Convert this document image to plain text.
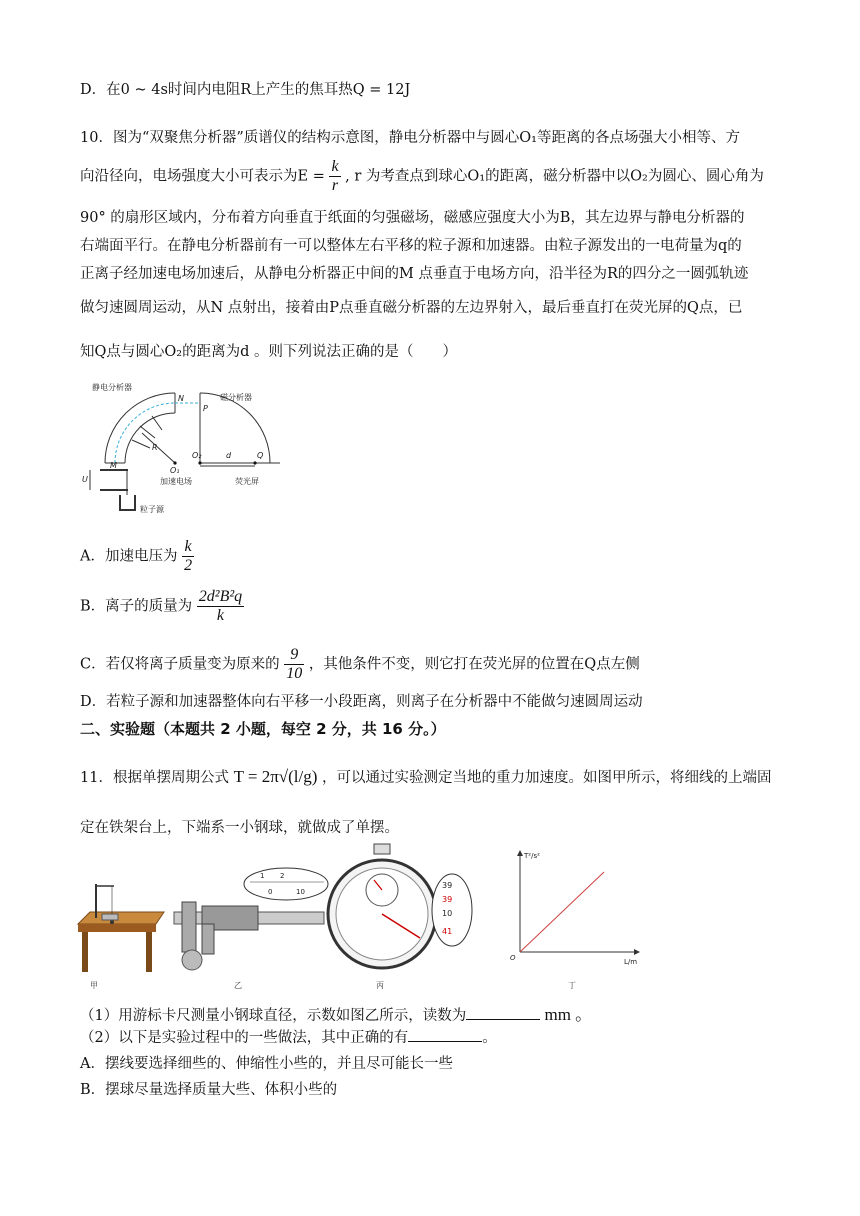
D．在0 ~ 4s时间内电阻R上产生的焦耳热Q = 12J
10．图为“双聚焦分析器”质谱仪的结构示意图，静电分析器中与圆心O₁等距离的各点场强大小相等、方
向沿径向，电场强度大小可表示为$E = \frac{k}{r}$ , r 为考查点到球心O₁的距离，磁分析器中以O₂为圆心、圆心角为
90° 的扇形区域内，分布着方向垂直于纸面的匀强磁场，磁感应强度大小为B，其左边界与静电分析器的
右端面平行。在静电分析器前有一可以整体左右平移的粒子源和加速器。由粒子源发出的一电荷量为q的
正离子经加速电场加速后，从静电分析器正中间的M 点垂直于电场方向，沿半径为R的四分之一圆弧轨迹
做匀速圆周运动，从N 点射出，接着由P点垂直磁分析器的左边界射入，最后垂直打在荧光屏的Q点，已
知Q点与圆心O₂的距离为d 。则下列说法正确的是（　　）
静电分析器
磁分析器
加速电场	荧光屏
粒子源
N
P
M
R
U
O₁
O₂	Q
d
A．加速电压为 $\frac{k}{2}$
B．离子的质量为 $\frac{\text{2d²B²q}}{k}$
C．若仅将离子质量变为原来的 $\frac{9}{10}$ ，其他条件不变，则它打在荧光屏的位置在Q点左侧
D．若粒子源和加速器整体向右平移一小段距离，则离子在分析器中不能做匀速圆周运动
二、实验题（本题共 2 小题，每空 2 分，共 16 分。）
11．根据单摆周期公式 T = 2π√(l/g) ，可以通过实验测定当地的重力加速度。如图甲所示，将细线的上端固
定在铁架台上，下端系一小钢球，就做成了单摆。
1 2
0	10
39
39
10
41
T²/s²
L/m
O
甲	乙	丙	丁
（1）用游标卡尺测量小钢球直径，示数如图乙所示，读数为	mm 。
（2）以下是实验过程中的一些做法，其中正确的有	。
A．摆线要选择细些的、伸缩性小些的，并且尽可能长一些
B．摆球尽量选择质量大些、体积小些的
